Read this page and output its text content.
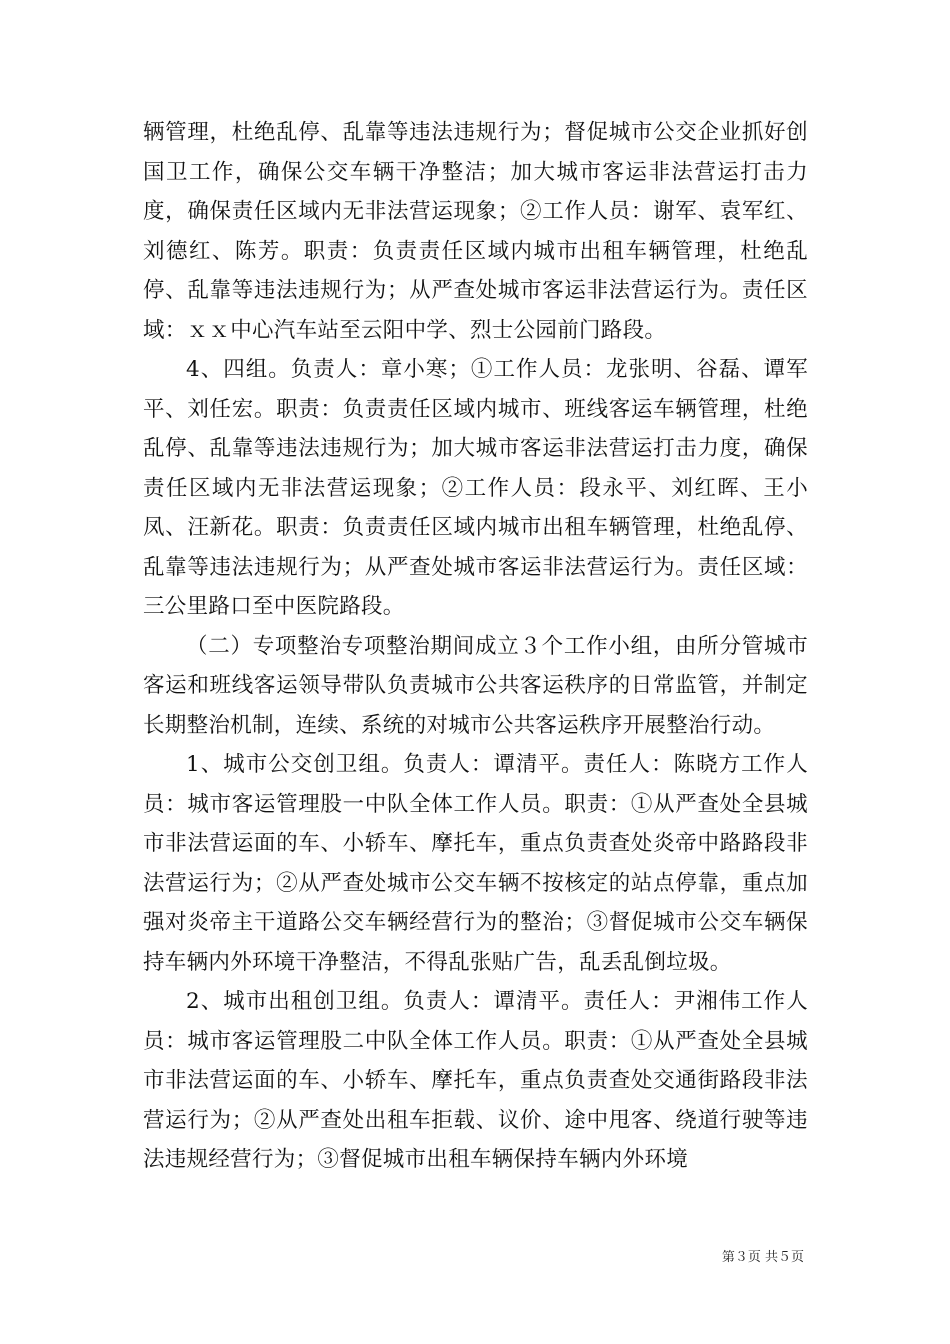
辆管理，杜绝乱停、乱靠等违法违规行为；督促城市公交企业抓好创国卫工作，确保公交车辆干净整洁；加大城市客运非法营运打击力度，确保责任区域内无非法营运现象；②工作人员：谢军、袁军红、刘德红、陈芳。职责：负责责任区域内城市出租车辆管理，杜绝乱停、乱靠等违法违规行为；从严查处城市客运非法营运行为。责任区域：ｘｘ中心汽车站至云阳中学、烈士公园前门路段。

4、四组。负责人：章小寒；①工作人员：龙张明、谷磊、谭军平、刘任宏。职责：负责责任区域内城市、班线客运车辆管理，杜绝乱停、乱靠等违法违规行为；加大城市客运非法营运打击力度，确保责任区域内无非法营运现象；②工作人员：段永平、刘红晖、王小凤、汪新花。职责：负责责任区域内城市出租车辆管理，杜绝乱停、乱靠等违法违规行为；从严查处城市客运非法营运行为。责任区域：三公里路口至中医院路段。

（二）专项整治专项整治期间成立３个工作小组，由所分管城市客运和班线客运领导带队负责城市公共客运秩序的日常监管，并制定长期整治机制，连续、系统的对城市公共客运秩序开展整治行动。

1、城市公交创卫组。负责人：谭清平。责任人：陈晓方工作人员：城市客运管理股一中队全体工作人员。职责：①从严查处全县城市非法营运面的车、小轿车、摩托车，重点负责查处炎帝中路路段非法营运行为；②从严查处城市公交车辆不按核定的站点停靠，重点加强对炎帝主干道路公交车辆经营行为的整治；③督促城市公交车辆保持车辆内外环境干净整洁，不得乱张贴广告，乱丢乱倒垃圾。

2、城市出租创卫组。负责人：谭清平。责任人：尹湘伟工作人员：城市客运管理股二中队全体工作人员。职责：①从严查处全县城市非法营运面的车、小轿车、摩托车，重点负责查处交通街路段非法营运行为；②从严查处出租车拒载、议价、途中甩客、绕道行驶等违法违规经营行为；③督促城市出租车辆保持车辆内外环境

第３页 共５页
